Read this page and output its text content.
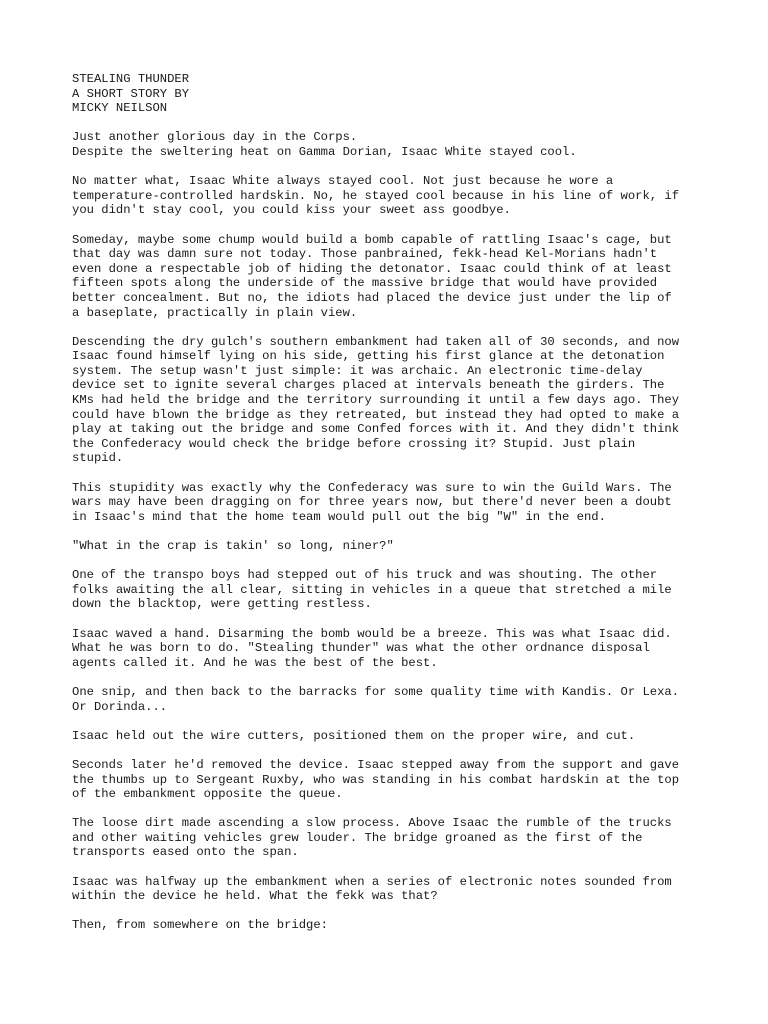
STEALING THUNDER
A SHORT STORY BY
MICKY NEILSON
Just another glorious day in the Corps.
Despite the sweltering heat on Gamma Dorian, Isaac White stayed cool.
No matter what, Isaac White always stayed cool. Not just because he wore a
temperature-controlled hardskin. No, he stayed cool because in his line of work, if
you didn't stay cool, you could kiss your sweet ass goodbye.
Someday, maybe some chump would build a bomb capable of rattling Isaac's cage, but
that day was damn sure not today. Those panbrained, fekk-head Kel-Morians hadn't
even done a respectable job of hiding the detonator. Isaac could think of at least
fifteen spots along the underside of the massive bridge that would have provided
better concealment. But no, the idiots had placed the device just under the lip of
a baseplate, practically in plain view.
Descending the dry gulch's southern embankment had taken all of 30 seconds, and now
Isaac found himself lying on his side, getting his first glance at the detonation
system. The setup wasn't just simple: it was archaic. An electronic time-delay
device set to ignite several charges placed at intervals beneath the girders. The
KMs had held the bridge and the territory surrounding it until a few days ago. They
could have blown the bridge as they retreated, but instead they had opted to make a
play at taking out the bridge and some Confed forces with it. And they didn't think
the Confederacy would check the bridge before crossing it? Stupid. Just plain
stupid.
This stupidity was exactly why the Confederacy was sure to win the Guild Wars. The
wars may have been dragging on for three years now, but there'd never been a doubt
in Isaac's mind that the home team would pull out the big "W" in the end.
"What in the crap is takin' so long, niner?"
One of the transpo boys had stepped out of his truck and was shouting. The other
folks awaiting the all clear, sitting in vehicles in a queue that stretched a mile
down the blacktop, were getting restless.
Isaac waved a hand. Disarming the bomb would be a breeze. This was what Isaac did.
What he was born to do. "Stealing thunder" was what the other ordnance disposal
agents called it. And he was the best of the best.
One snip, and then back to the barracks for some quality time with Kandis. Or Lexa.
Or Dorinda...
Isaac held out the wire cutters, positioned them on the proper wire, and cut.
Seconds later he'd removed the device. Isaac stepped away from the support and gave
the thumbs up to Sergeant Ruxby, who was standing in his combat hardskin at the top
of the embankment opposite the queue.
The loose dirt made ascending a slow process. Above Isaac the rumble of the trucks
and other waiting vehicles grew louder. The bridge groaned as the first of the
transports eased onto the span.
Isaac was halfway up the embankment when a series of electronic notes sounded from
within the device he held. What the fekk was that?
Then, from somewhere on the bridge:
